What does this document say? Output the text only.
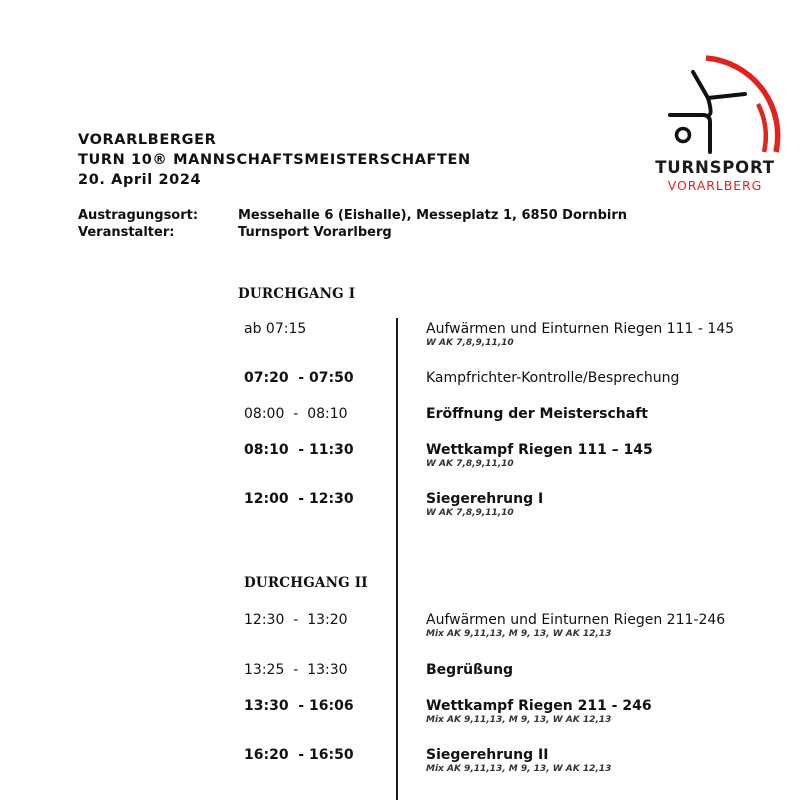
TURNSPORT
VORARLBERG
VORARLBERGER
TURN 10® MANNSCHAFTSMEISTERSCHAFTEN
20. April 2024
Austragungsort:	Messehalle 6 (Eishalle), Messeplatz 1, 6850 Dornbirn
Veranstalter:	Turnsport Vorarlberg
DURCHGANG I
ab 07:15	Aufwärmen und Einturnen Riegen 111 - 145
W AK 7,8,9,11,10
07:20  - 07:50	Kampfrichter-Kontrolle/Besprechung
08:00  -  08:10	Eröffnung der Meisterschaft
08:10  - 11:30	Wettkampf Riegen 111 – 145
W AK 7,8,9,11,10
12:00  - 12:30	Siegerehrung I
W AK 7,8,9,11,10
DURCHGANG II
12:30  -  13:20	Aufwärmen und Einturnen Riegen 211-246
Mix AK 9,11,13, M 9, 13, W AK 12,13
13:25  -  13:30	Begrüßung
13:30  - 16:06	Wettkampf Riegen 211 - 246
Mix AK 9,11,13, M 9, 13, W AK 12,13
16:20  - 16:50	Siegerehrung II
Mix AK 9,11,13, M 9, 13, W AK 12,13
